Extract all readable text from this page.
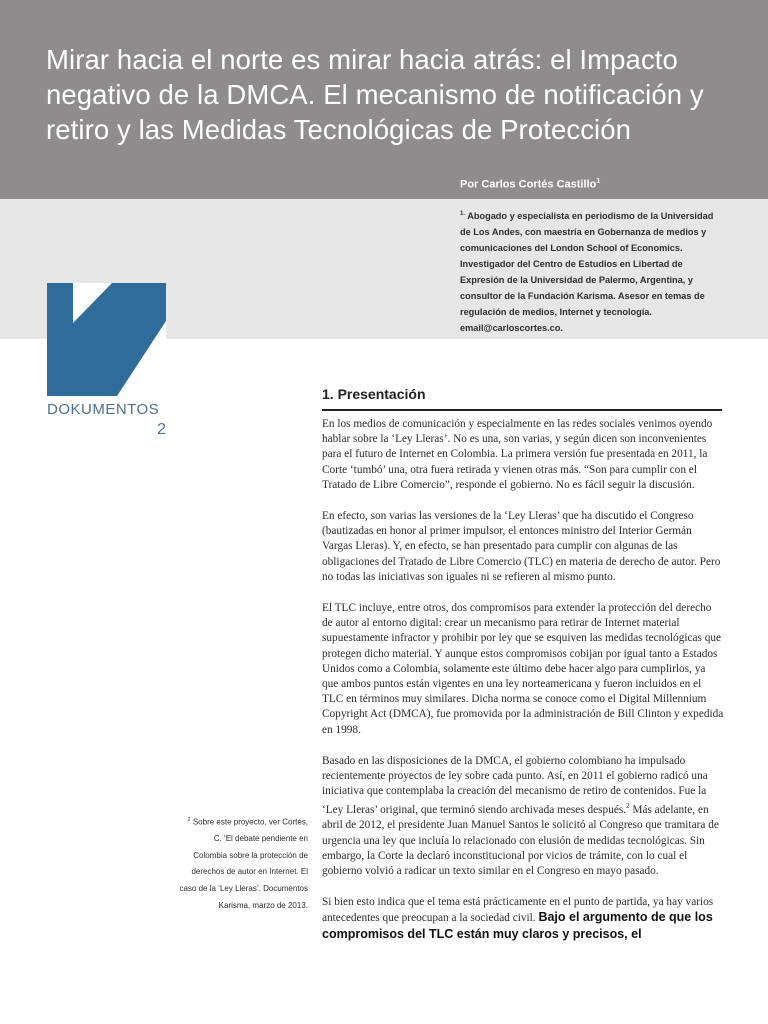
Mirar hacia el norte es mirar hacia atrás: el Impacto negativo de la DMCA. El mecanismo de notificación y retiro y las Medidas Tecnológicas de Protección

Por Carlos Cortés Castillo$^1$

$^{1.}$ Abogado y especialista en periodismo de la Universidad de Los Andes, con maestría en Gobernanza de medios y comunicaciones del London School of Economics. Investigador del Centro de Estudios en Libertad de Expresión de la Universidad de Palermo, Argentina, y consultor de la Fundación Karisma. Asesor en temas de regulación de medios, Internet y tecnología. email@carloscortes.co.

DOKUMENTOS

2

1. Presentación

En los medios de comunicación y especialmente en las redes sociales venimos oyendo hablar sobre la ‘Ley Lleras’. No es una, son varias, y según dicen son inconvenientes para el futuro de Internet en Colombia. La primera versión fue presentada en 2011, la Corte ‘tumbó’ una, otra fuera retirada y vienen otras más. “Son para cumplir con el Tratado de Libre Comercio”, responde el gobierno. No es fácil seguir la discusión.

En efecto, son varias las versiones de la ‘Ley Lleras’ que ha discutido el Congreso (bautizadas en honor al primer impulsor, el entonces ministro del Interior Germán Vargas Lleras). Y, en efecto, se han presentado para cumplir con algunas de las obligaciones del Tratado de Libre Comercio (TLC) en materia de derecho de autor. Pero no todas las iniciativas son iguales ni se refieren al mismo punto.

El TLC incluye, entre otros, dos compromisos para extender la protección del derecho de autor al entorno digital: crear un mecanismo para retirar de Internet material supuestamente infractor y prohibir por ley que se esquiven las medidas tecnológicas que protegen dicho material. Y aunque estos compromisos cobijan por igual tanto a Estados Unidos como a Colombia, solamente este último debe hacer algo para cumplirlos, ya que ambos puntos están vigentes en una ley norteamericana y fueron incluidos en el TLC en términos muy similares. Dicha norma se conoce como el Digital Millennium Copyright Act (DMCA), fue promovida por la administración de Bill Clinton y expedida en 1998.

Basado en las disposiciones de la DMCA, el gobierno colombiano ha impulsado recientemente proyectos de ley sobre cada punto. Así, en 2011 el gobierno radicó una iniciativa que contemplaba la creación del mecanismo de retiro de contenidos. Fue la ‘Ley Lleras’ original, que terminó siendo archivada meses después.$^2$ Más adelante, en abril de 2012, el presidente Juan Manuel Santos le solicitó al Congreso que tramitara de urgencia una ley que incluía lo relacionado con elusión de medidas tecnológicas. Sin embargo, la Corte la declaró inconstitucional por vicios de trámite, con lo cual el gobierno volvió a radicar un texto similar en el Congreso en mayo pasado.

Si bien esto indica que el tema está prácticamente en el punto de partida, ya hay varios antecedentes que preocupan a la sociedad civil. Bajo el argumento de que los compromisos del TLC están muy claros y precisos, el

$^2$ Sobre este proyecto, ver Cortés, C. ‘El debate pendiente en Colombia sobre la protección de derechos de autor en Internet. El caso de la ‘Ley Lleras’. Documentos Karisma, marzo de 2013.
